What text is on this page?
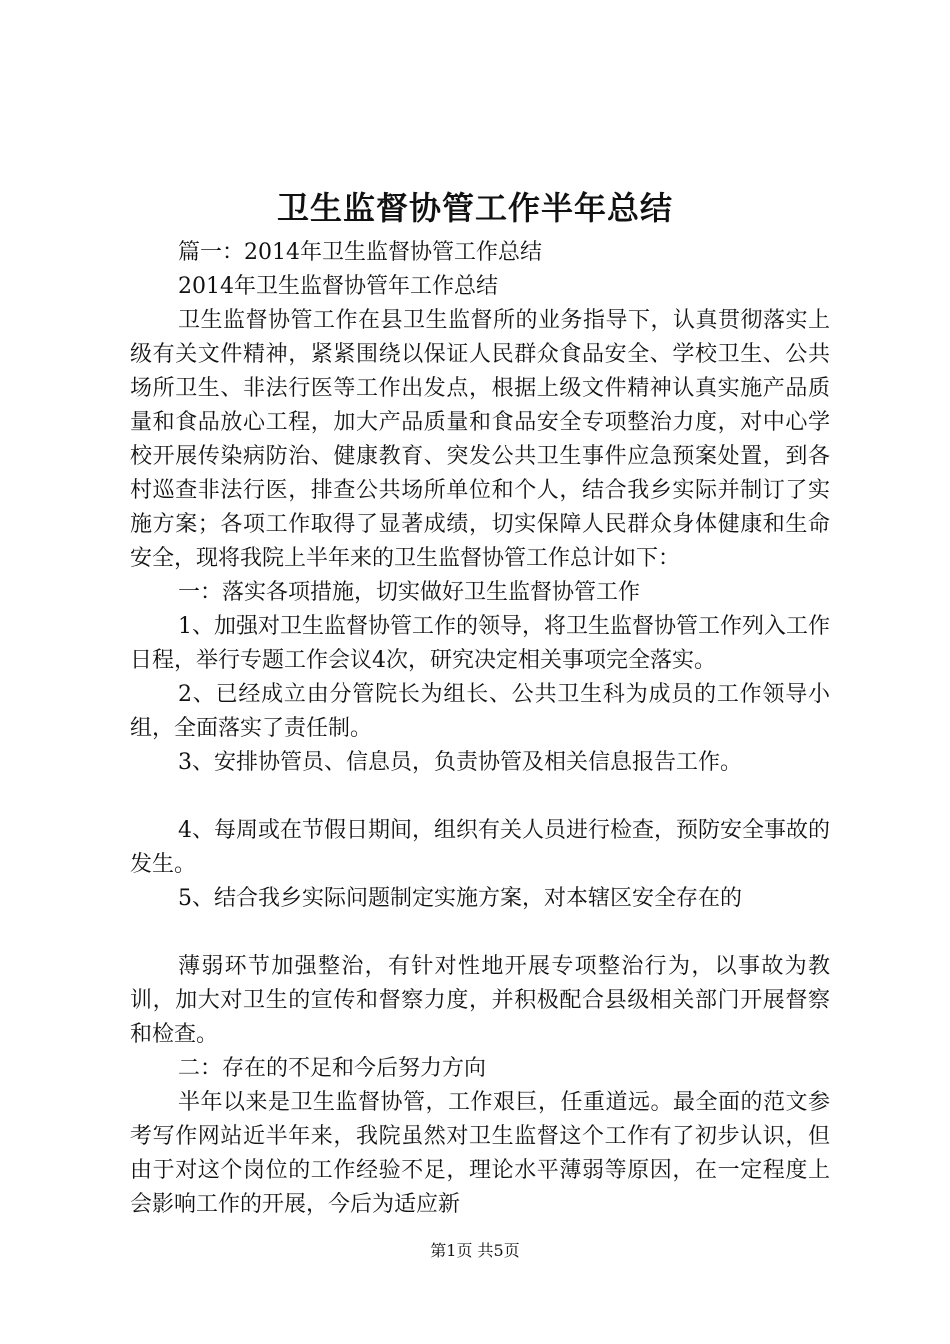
卫生监督协管工作半年总结

篇一：2014年卫生监督协管工作总结

2014年卫生监督协管年工作总结

卫生监督协管工作在县卫生监督所的业务指导下，认真贯彻落实上级有关文件精神，紧紧围绕以保证人民群众食品安全、学校卫生、公共场所卫生、非法行医等工作出发点，根据上级文件精神认真实施产品质量和食品放心工程，加大产品质量和食品安全专项整治力度，对中心学校开展传染病防治、健康教育、突发公共卫生事件应急预案处置，到各村巡查非法行医，排查公共场所单位和个人，结合我乡实际并制订了实施方案；各项工作取得了显著成绩，切实保障人民群众身体健康和生命安全，现将我院上半年来的卫生监督协管工作总计如下：

一：落实各项措施，切实做好卫生监督协管工作

1、加强对卫生监督协管工作的领导，将卫生监督协管工作列入工作日程，举行专题工作会议4次，研究决定相关事项完全落实。

2、已经成立由分管院长为组长、公共卫生科为成员的工作领导小组，全面落实了责任制。

3、安排协管员、信息员，负责协管及相关信息报告工作。

4、每周或在节假日期间，组织有关人员进行检查，预防安全事故的发生。

5、结合我乡实际问题制定实施方案，对本辖区安全存在的

薄弱环节加强整治，有针对性地开展专项整治行为，以事故为教训，加大对卫生的宣传和督察力度，并积极配合县级相关部门开展督察和检查。

二：存在的不足和今后努力方向

半年以来是卫生监督协管，工作艰巨，任重道远。最全面的范文参考写作网站近半年来，我院虽然对卫生监督这个工作有了初步认识，但由于对这个岗位的工作经验不足，理论水平薄弱等原因，在一定程度上会影响工作的开展，今后为适应新

第1页 共5页
